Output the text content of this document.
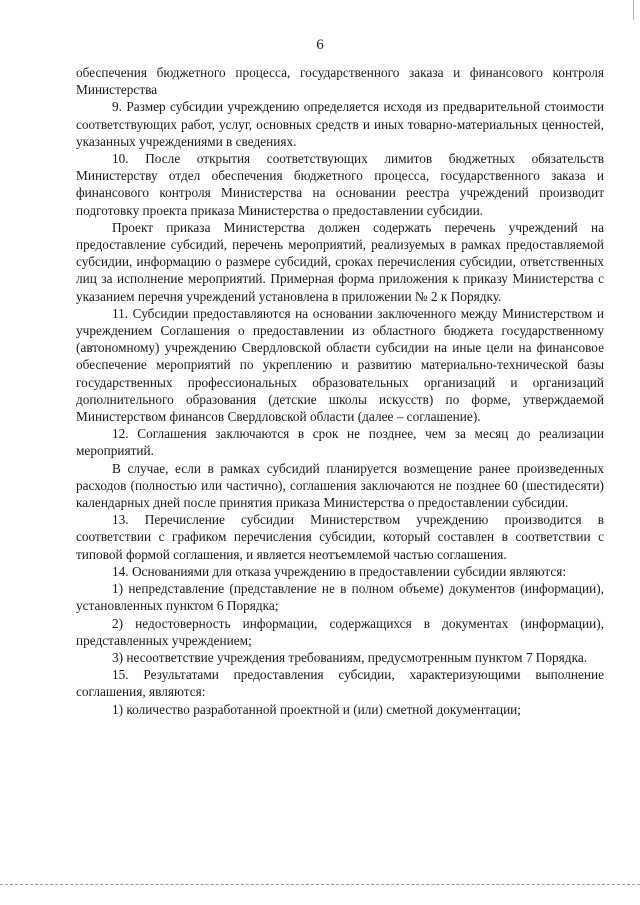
6

обеспечения бюджетного процесса, государственного заказа и финансового контроля Министерства

9. Размер субсидии учреждению определяется исходя из предварительной стоимости соответствующих работ, услуг, основных средств и иных товарно-материальных ценностей, указанных учреждениями в сведениях.

10. После открытия соответствующих лимитов бюджетных обязательств Министерству отдел обеспечения бюджетного процесса, государственного заказа и финансового контроля Министерства на основании реестра учреждений производит подготовку проекта приказа Министерства о предоставлении субсидии.

Проект приказа Министерства должен содержать перечень учреждений на предоставление субсидий, перечень мероприятий, реализуемых в рамках предоставляемой субсидии, информацию о размере субсидий, сроках перечисления субсидии, ответственных лиц за исполнение мероприятий. Примерная форма приложения к приказу Министерства с указанием перечня учреждений установлена в приложении № 2 к Порядку.

11. Субсидии предоставляются на основании заключенного между Министерством и учреждением Соглашения о предоставлении из областного бюджета государственному (автономному) учреждению Свердловской области субсидии на иные цели на финансовое обеспечение мероприятий по укреплению и развитию материально-технической базы государственных профессиональных образовательных организаций и организаций дополнительного образования (детские школы искусств) по форме, утверждаемой Министерством финансов Свердловской области (далее – соглашение).

12. Соглашения заключаются в срок не позднее, чем за месяц до реализации мероприятий.

В случае, если в рамках субсидий планируется возмещение ранее произведенных расходов (полностью или частично), соглашения заключаются не позднее 60 (шестидесяти) календарных дней после принятия приказа Министерства о предоставлении субсидии.

13. Перечисление субсидии Министерством учреждению производится в соответствии с графиком перечисления субсидии, который составлен в соответствии с типовой формой соглашения, и является неотъемлемой частью соглашения.

14. Основаниями для отказа учреждению в предоставлении субсидии являются:

1) непредставление (представление не в полном объеме) документов (информации), установленных пунктом 6 Порядка;

2) недостоверность информации, содержащихся в документах (информации), представленных учреждением;

3) несоответствие учреждения требованиям, предусмотренным пунктом 7 Порядка.

15. Результатами предоставления субсидии, характеризующими выполнение соглашения, являются:

1) количество разработанной проектной и (или) сметной документации;
